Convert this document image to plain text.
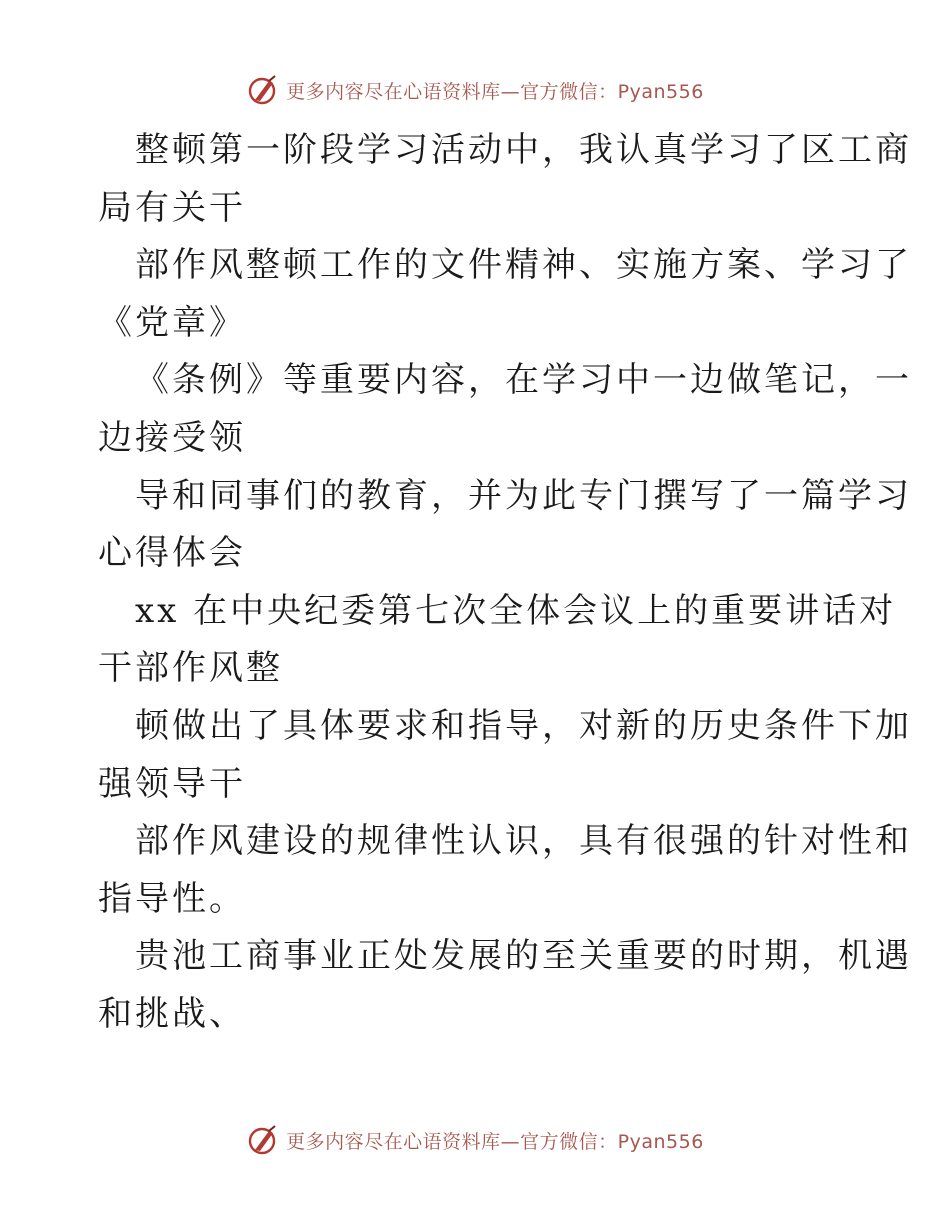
更多内容尽在心语资料库—官方微信：Pyan556
整顿第一阶段学习活动中，我认真学习了区工商
局有关干
部作风整顿工作的文件精神、实施方案、学习了
《党章》
《条例》等重要内容，在学习中一边做笔记，一
边接受领
导和同事们的教育，并为此专门撰写了一篇学习
心得体会
xx 在中央纪委第七次全体会议上的重要讲话对
干部作风整
顿做出了具体要求和指导，对新的历史条件下加
强领导干
部作风建设的规律性认识，具有很强的针对性和
指导性。
贵池工商事业正处发展的至关重要的时期，机遇
和挑战、
更多内容尽在心语资料库—官方微信：Pyan556
